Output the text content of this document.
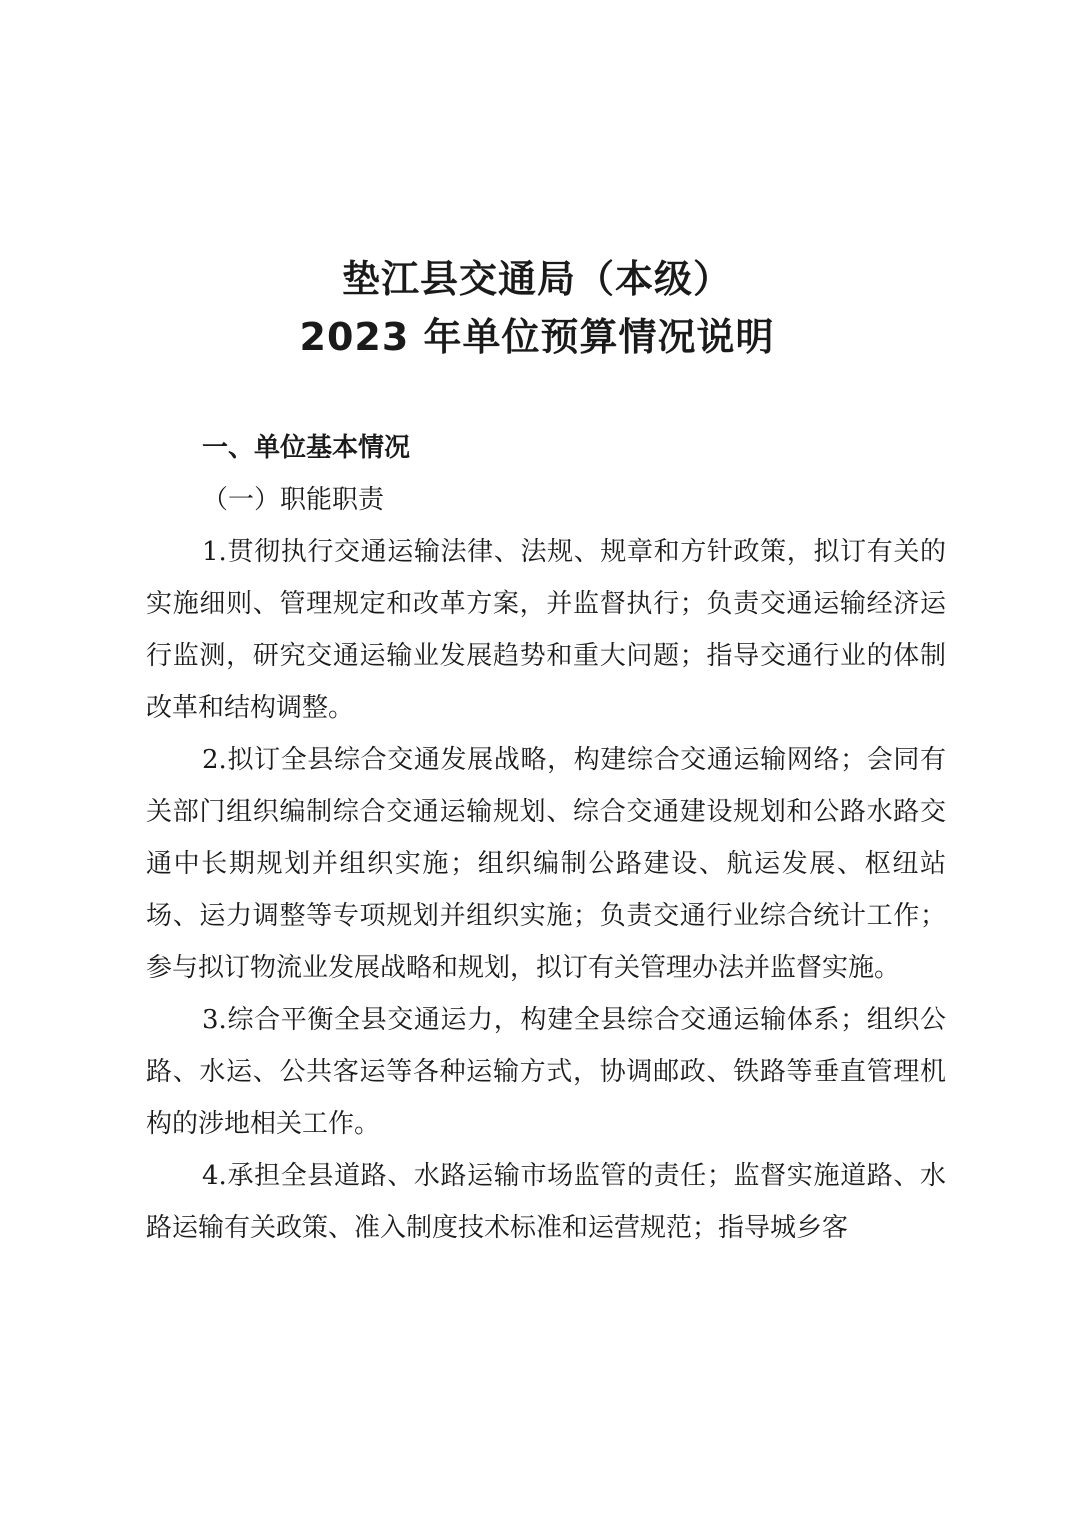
垫江县交通局（本级）
2023 年单位预算情况说明

一、单位基本情况

（一）职能职责

1.贯彻执行交通运输法律、法规、规章和方针政策，拟订有关的实施细则、管理规定和改革方案，并监督执行；负责交通运输经济运行监测，研究交通运输业发展趋势和重大问题；指导交通行业的体制改革和结构调整。

2.拟订全县综合交通发展战略，构建综合交通运输网络；会同有关部门组织编制综合交通运输规划、综合交通建设规划和公路水路交通中长期规划并组织实施；组织编制公路建设、航运发展、枢纽站场、运力调整等专项规划并组织实施；负责交通行业综合统计工作；参与拟订物流业发展战略和规划，拟订有关管理办法并监督实施。

3.综合平衡全县交通运力，构建全县综合交通运输体系；组织公路、水运、公共客运等各种运输方式，协调邮政、铁路等垂直管理机构的涉地相关工作。

4.承担全县道路、水路运输市场监管的责任；监督实施道路、水路运输有关政策、准入制度技术标准和运营规范；指导城乡客
